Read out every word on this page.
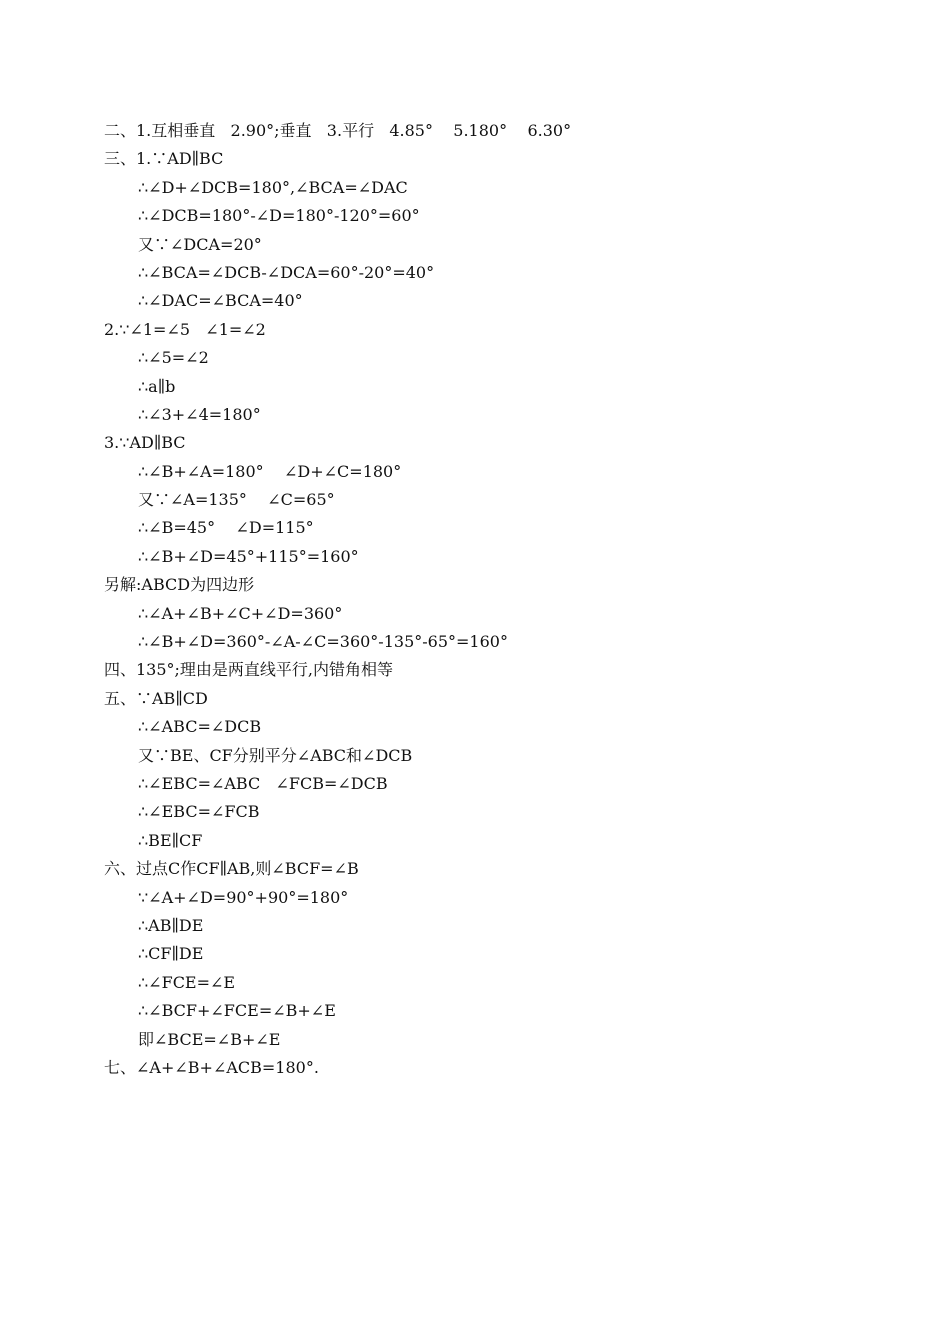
二、1.互相垂直   2.90°;垂直   3.平行   4.85°    5.180°    6.30°
三、1.∵AD∥BC
∴∠D+∠DCB=180°,∠BCA=∠DAC
∴∠DCB=180°-∠D=180°-120°=60°
又∵∠DCA=20°
∴∠BCA=∠DCB-∠DCA=60°-20°=40°
∴∠DAC=∠BCA=40°
2.∵∠1=∠5   ∠1=∠2
∴∠5=∠2
∴a∥b
∴∠3+∠4=180°
3.∵AD∥BC
∴∠B+∠A=180°    ∠D+∠C=180°
又∵∠A=135°    ∠C=65°
∴∠B=45°    ∠D=115°
∴∠B+∠D=45°+115°=160°
另解:ABCD为四边形
∴∠A+∠B+∠C+∠D=360°
∴∠B+∠D=360°-∠A-∠C=360°-135°-65°=160°
四、135°;理由是两直线平行,内错角相等
五、∵AB∥CD
∴∠ABC=∠DCB
又∵BE、CF分别平分∠ABC和∠DCB
∴∠EBC=∠ABC   ∠FCB=∠DCB
∴∠EBC=∠FCB
∴BE∥CF
六、过点C作CF∥AB,则∠BCF=∠B
∵∠A+∠D=90°+90°=180°
∴AB∥DE
∴CF∥DE
∴∠FCE=∠E
∴∠BCF+∠FCE=∠B+∠E
即∠BCE=∠B+∠E
七、∠A+∠B+∠ACB=180°.
